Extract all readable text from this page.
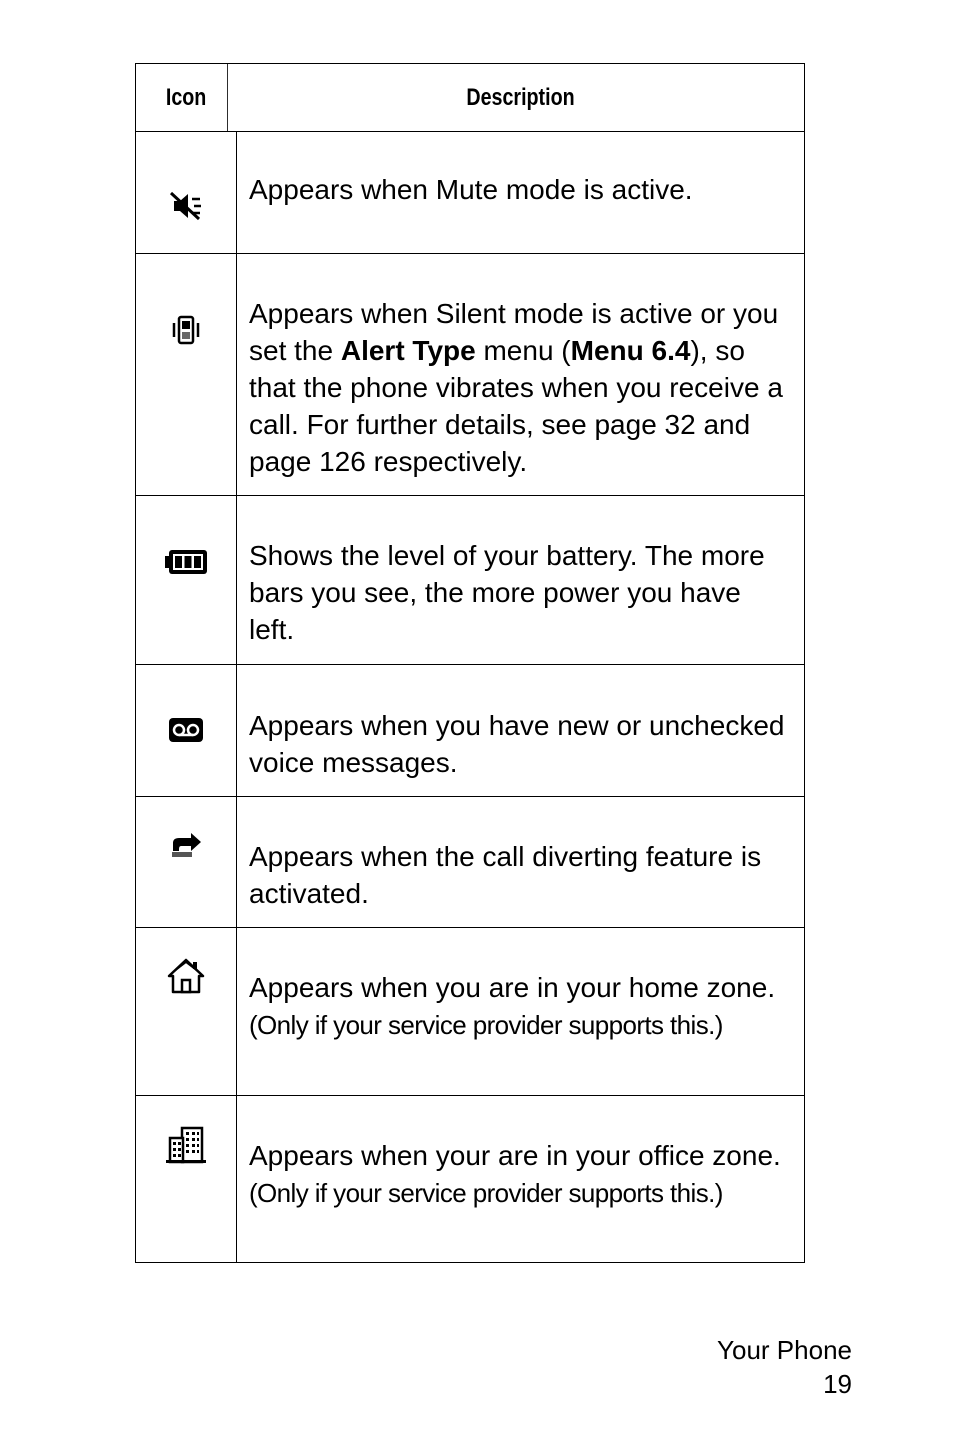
Icon	Description
Appears when Mute mode is active.
Appears when Silent mode is active or you set the Alert Type menu (Menu 6.4), so that the phone vibrates when you receive a call. For further details, see page 32 and page 126 respectively.
Shows the level of your battery. The more bars you see, the more power you have left.
Appears when you have new or unchecked voice messages.
Appears when the call diverting feature is activated.
Appears when you are in your home zone. (Only if your service provider supports this.)
Appears when your are in your office zone. (Only if your service provider supports this.)
Your Phone
19
